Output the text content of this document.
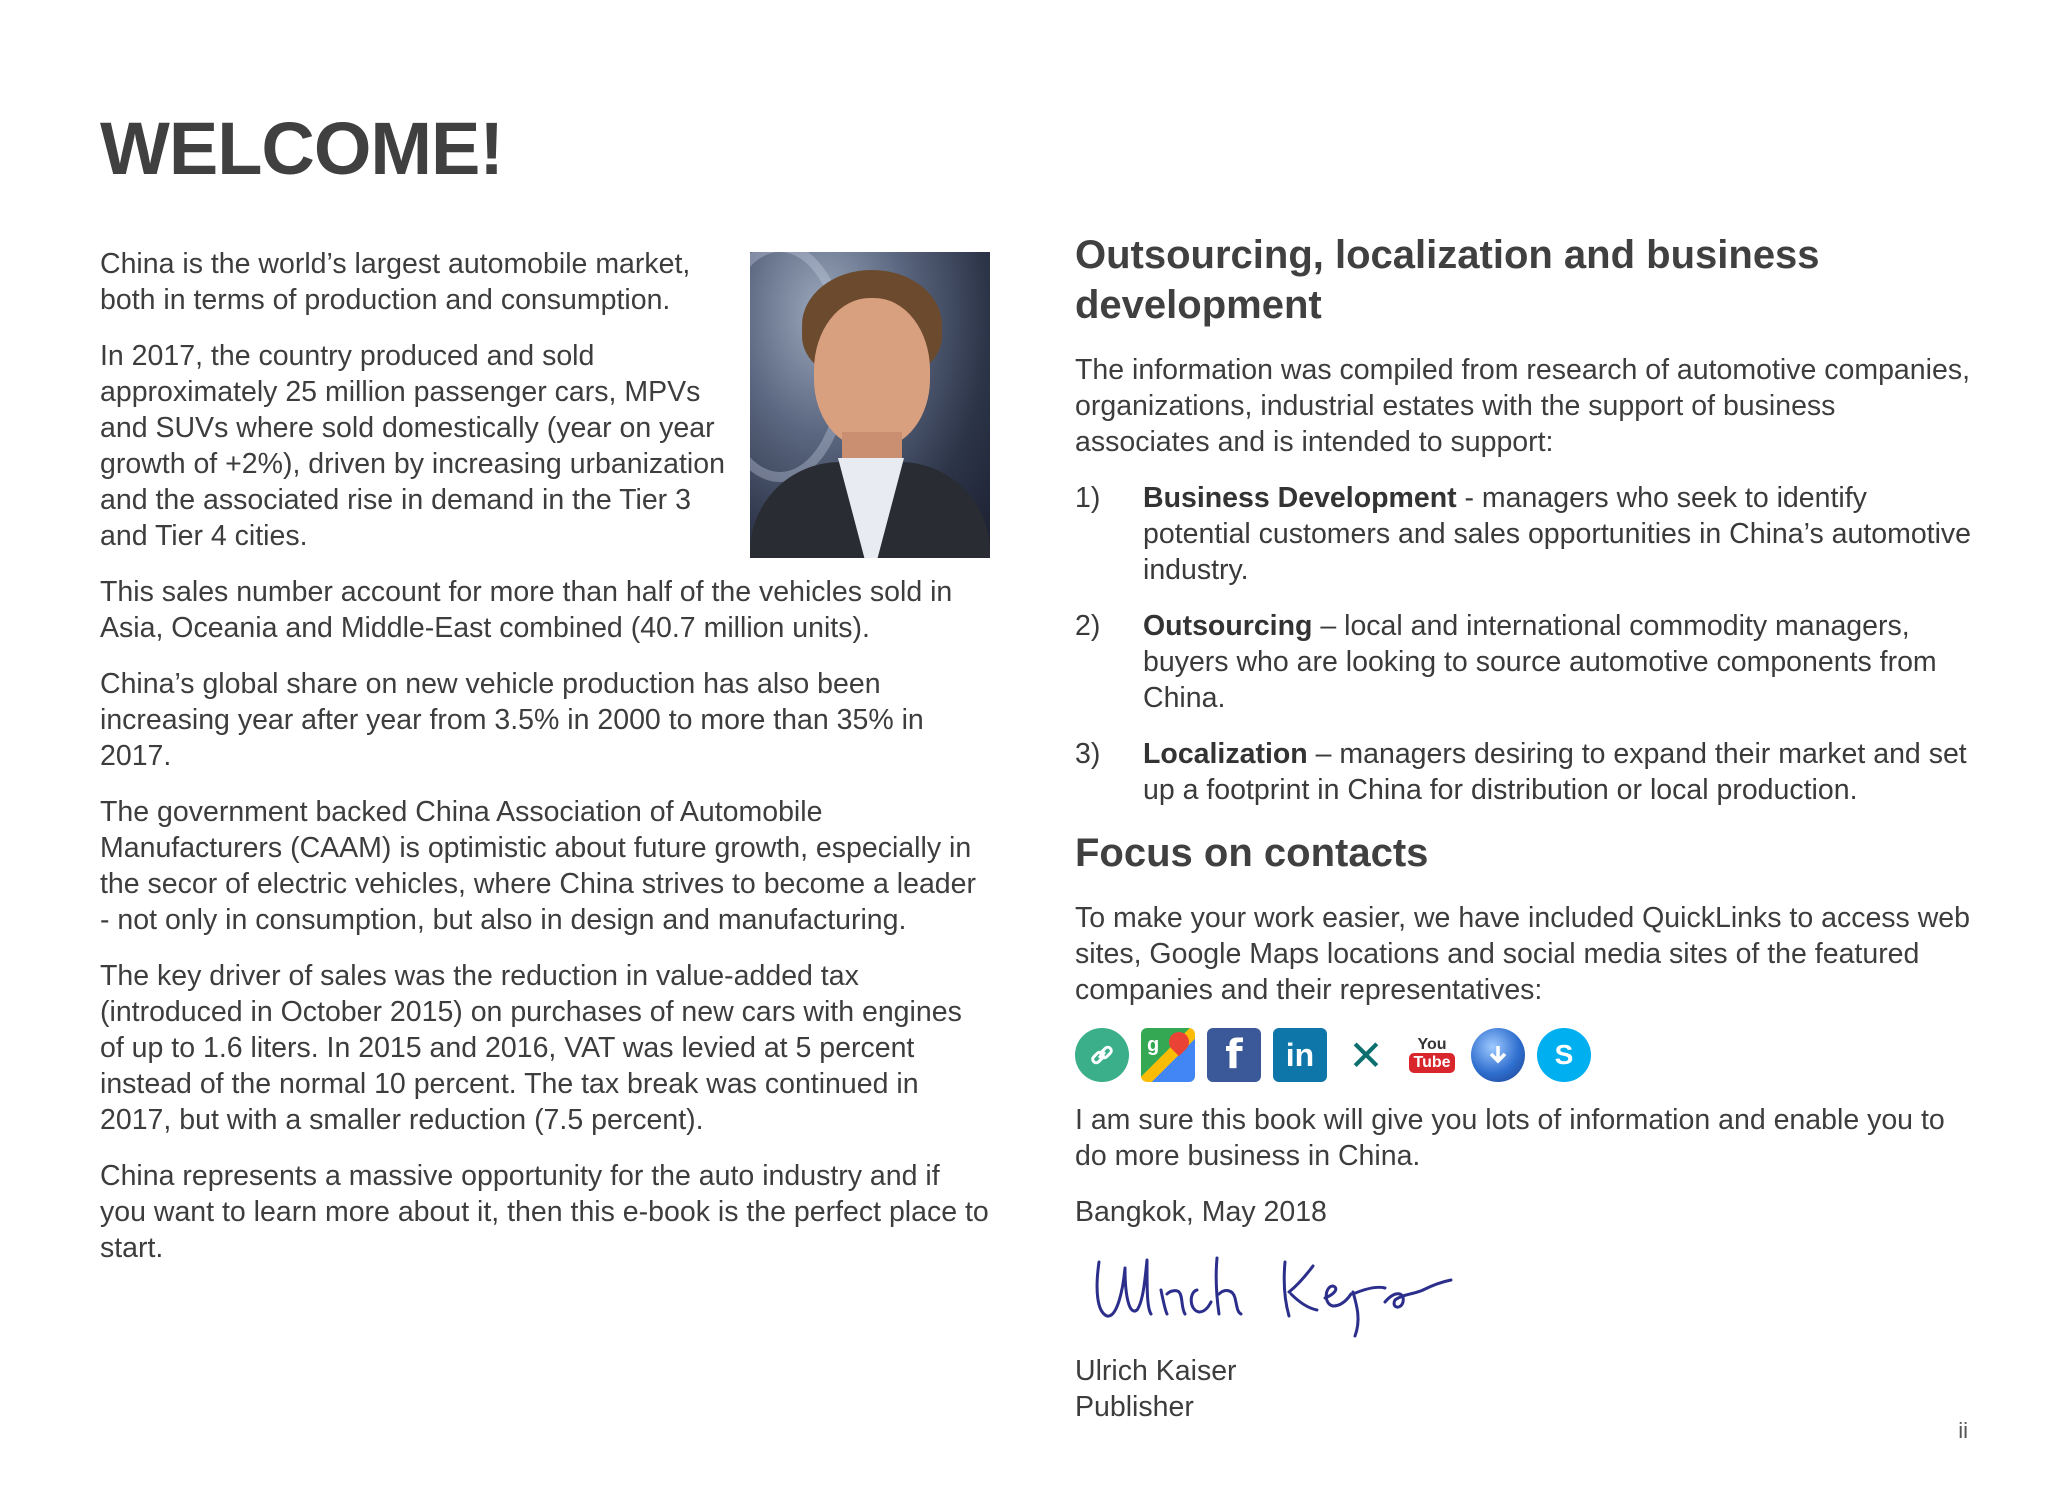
WELCOME!

China is the world’s largest automobile market, both in terms of production and consumption.

In 2017, the country produced and sold approximately 25 million passenger cars, MPVs and SUVs where sold domestically (year on year growth of +2%), driven by increasing urbanization and the associated rise in demand in the Tier 3 and Tier 4 cities.

This sales number account for more than half of the vehicles sold in Asia, Oceania and Middle-East combined (40.7 million units).

China’s global share on new vehicle production has also been increasing year after year from 3.5% in 2000 to more than 35% in 2017.

The government backed China Association of Automobile Manufacturers (CAAM) is optimistic about future growth, especially in the secor of electric vehicles, where China strives to become a leader - not only in consumption, but also in design and manufacturing.

The key driver of sales was the reduction in value-added tax (introduced in October 2015) on purchases of new cars with engines of up to 1.6 liters. In 2015 and 2016, VAT was levied at 5 percent instead of the normal 10 percent. The tax break was continued in 2017, but with a smaller reduction (7.5 percent).

China represents a massive opportunity for the auto industry and if you want to learn more about it, then this e-book is the perfect place to start.

Outsourcing, localization and business development

The information was compiled from research of automotive companies, organizations, industrial estates with the support of business associates and is intended to support:

1)	Business Development - managers who seek to identify potential customers and sales opportunities in China’s automotive industry.
2)	Outsourcing – local and international commodity managers, buyers who are looking to source automotive components from China.
3)	Localization – managers desiring to expand their market and set up a footprint in China for distribution or local production.
Focus on contacts

To make your work easier, we have included QuickLinks to access web sites, Google Maps locations and social media sites of the featured companies and their representatives:

g	f	in ✕	You
Tube	S

I am sure this book will give you lots of information and enable you to do more business in China.

Bangkok, May 2018

Ulrich Kaiser

Publisher

ii
